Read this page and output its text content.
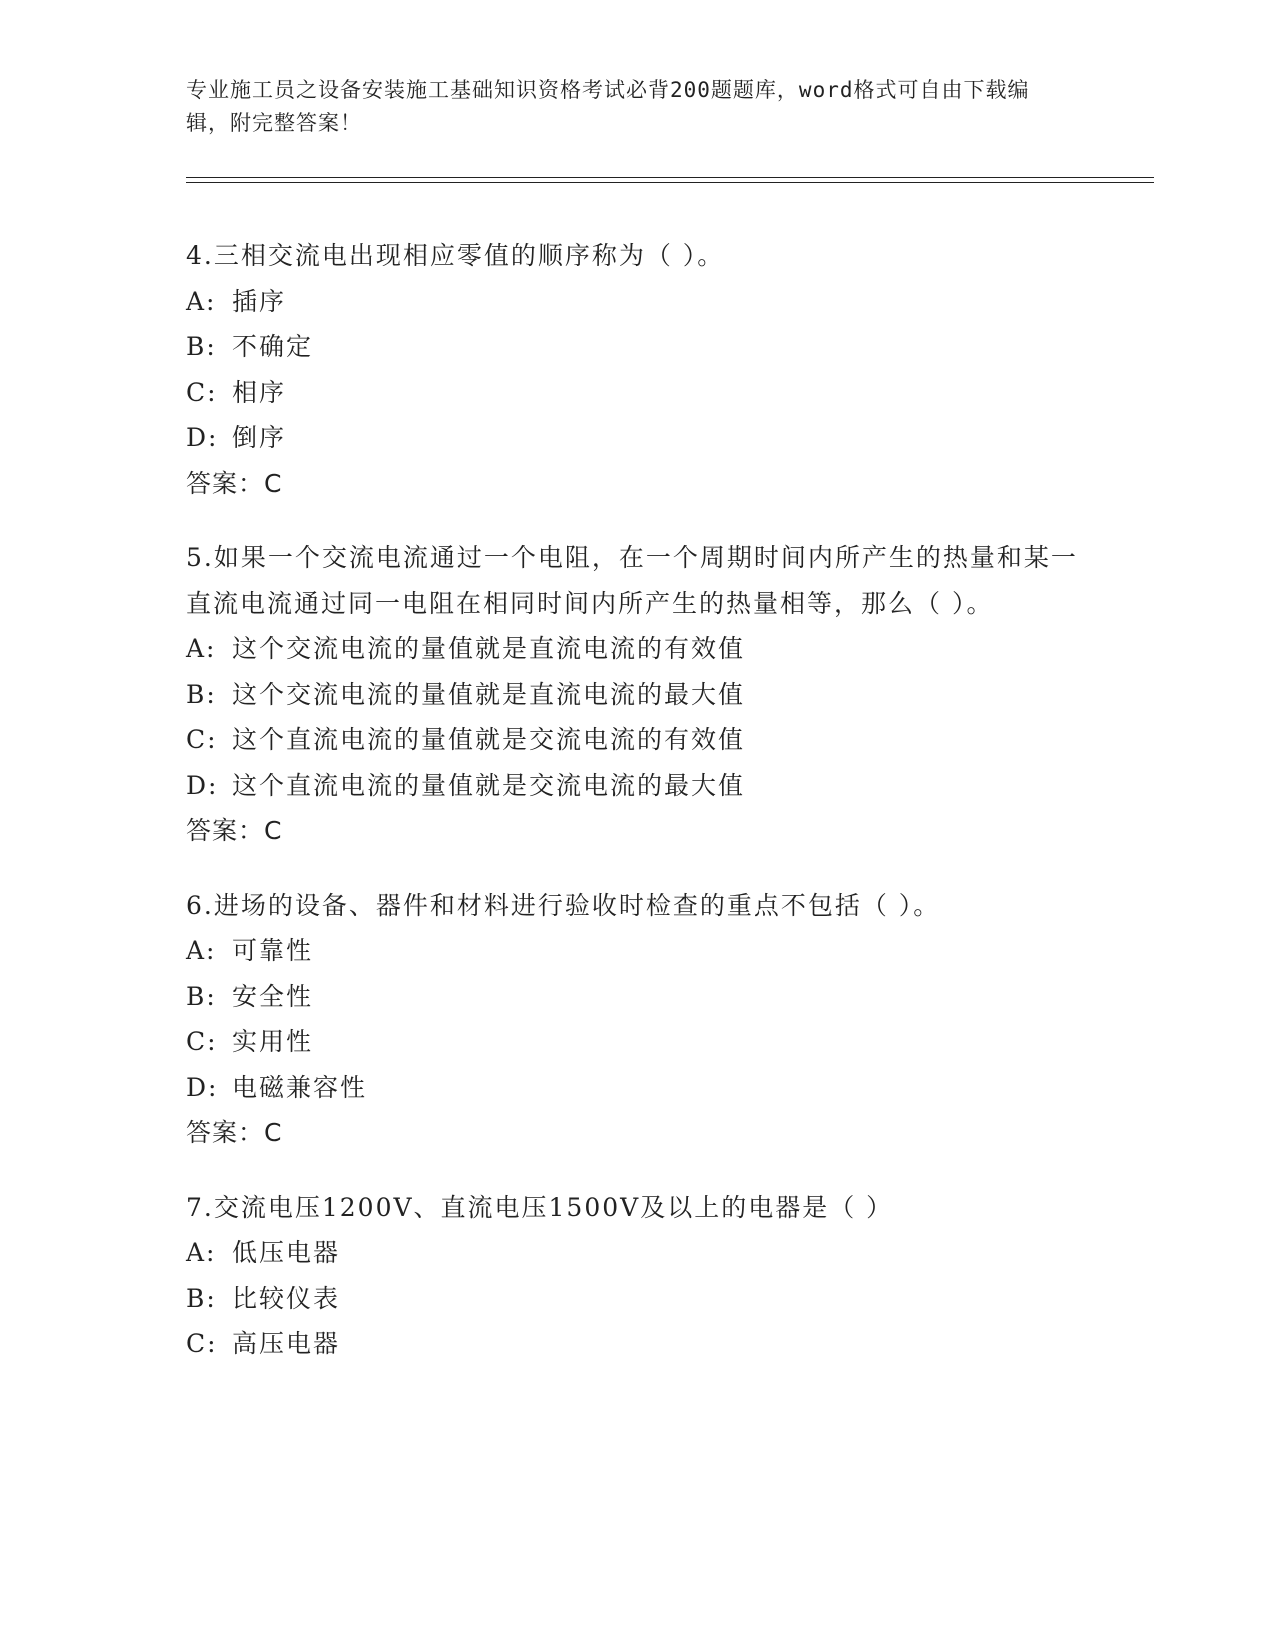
专业施工员之设备安装施工基础知识资格考试必背200题题库，word格式可自由下载编辑，附完整答案！
4.三相交流电出现相应零值的顺序称为（ ）。
A: 插序
B: 不确定
C: 相序
D: 倒序
答案：C
5.如果一个交流电流通过一个电阻，在一个周期时间内所产生的热量和某一直流电流通过同一电阻在相同时间内所产生的热量相等，那么（ ）。
A: 这个交流电流的量值就是直流电流的有效值
B: 这个交流电流的量值就是直流电流的最大值
C: 这个直流电流的量值就是交流电流的有效值
D: 这个直流电流的量值就是交流电流的最大值
答案：C
6.进场的设备、器件和材料进行验收时检查的重点不包括（ ）。
A: 可靠性
B: 安全性
C: 实用性
D: 电磁兼容性
答案：C
7.交流电压1200V、直流电压1500V及以上的电器是（ ）
A: 低压电器
B: 比较仪表
C: 高压电器
